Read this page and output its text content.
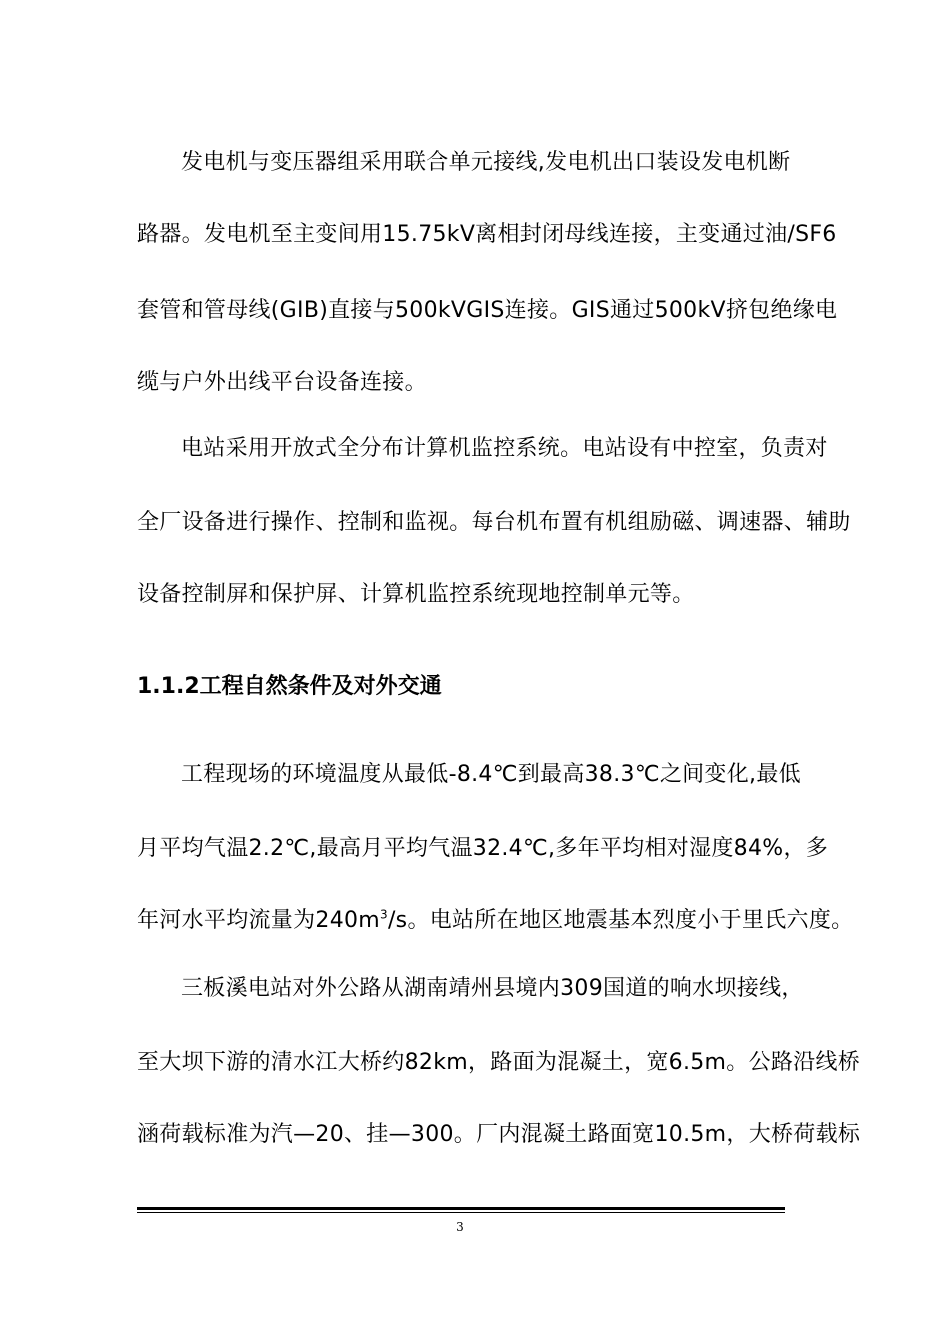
发电机与变压器组采用联合单元接线,发电机出口装设发电机断
路器。发电机至主变间用15.75kV离相封闭母线连接，主变通过油/SF6
套管和管母线(GIB)直接与500kVGIS连接。GIS通过500kV挤包绝缘电
缆与户外出线平台设备连接。
电站采用开放式全分布计算机监控系统。电站设有中控室，负责对
全厂设备进行操作、控制和监视。每台机布置有机组励磁、调速器、辅助
设备控制屏和保护屏、计算机监控系统现地控制单元等。
1.1.2工程自然条件及对外交通
工程现场的环境温度从最低-8.4℃到最高38.3℃之间变化,最低
月平均气温2.2℃,最高月平均气温32.4℃,多年平均相对湿度84%，多
年河水平均流量为$240m^3/s$。电站所在地区地震基本烈度小于里氏六度。
三板溪电站对外公路从湖南靖州县境内309国道的响水坝接线，
至大坝下游的清水江大桥约82km，路面为混凝土，宽6.5m。公路沿线桥
涵荷载标准为汽—20、挂—300。厂内混凝土路面宽10.5m，大桥荷载标
3
